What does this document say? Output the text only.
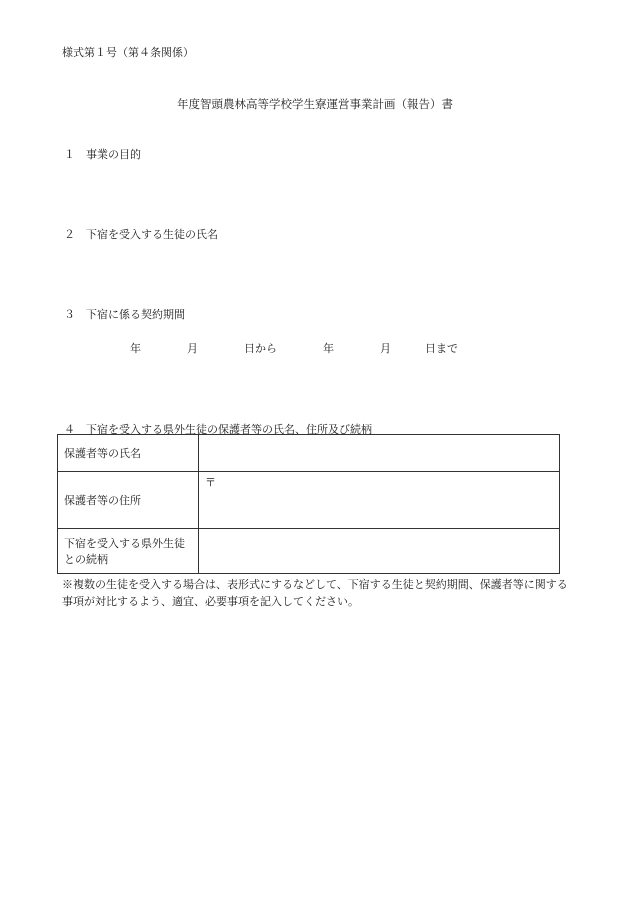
様式第１号（第４条関係）
年度智頭農林高等学校学生寮運営事業計画（報告）書
１　事業の目的
２　下宿を受入する生徒の氏名
３　下宿に係る契約期間
年	月	日から	年	月	日まで
４　下宿を受入する県外生徒の保護者等の氏名、住所及び続柄
保護者等の氏名	
保護者等の住所	〒

下宿を受入する県外生徒
との続柄	

※複数の生徒を受入する場合は、表形式にするなどして、下宿する生徒と契約期間、保護者等に関する事項が対比するよう、適宜、必要事項を記入してください。
